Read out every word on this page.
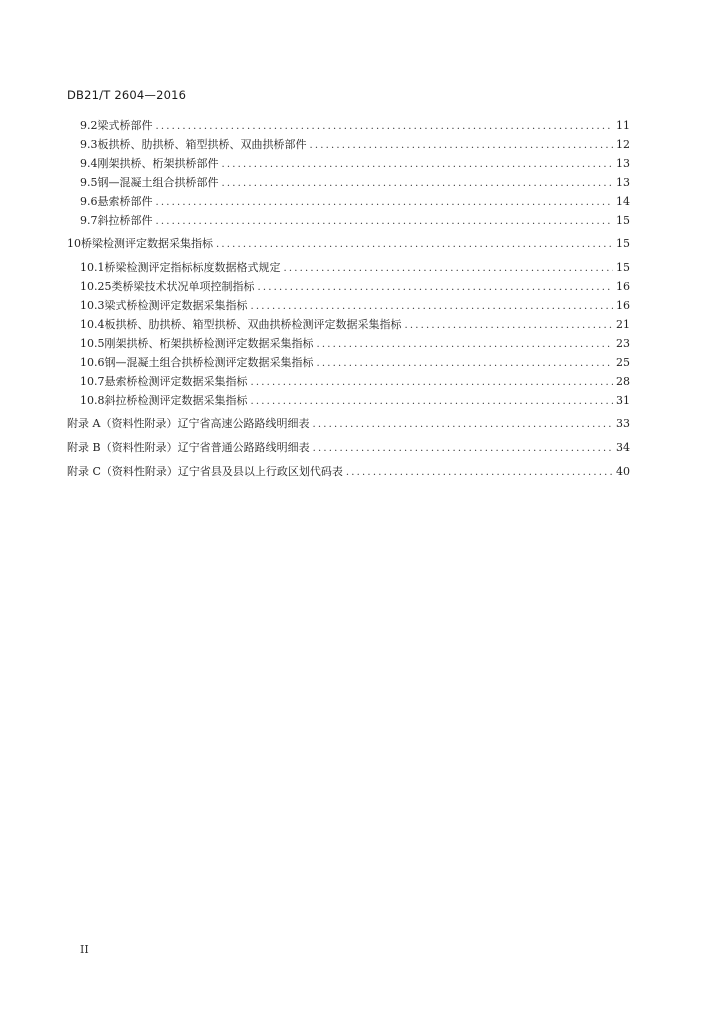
DB21/T 2604—2016
9.2 梁式桥部件 .....	11
9.3 板拱桥、肋拱桥、箱型拱桥、双曲拱桥部件 .....	12
9.4 刚架拱桥、桁架拱桥部件 .....	13
9.5 钢—混凝土组合拱桥部件 .....	13
9.6 悬索桥部件 .....	14
9.7 斜拉桥部件 .....	15
10 桥梁检测评定数据采集指标 .....	15
10.1 桥梁检测评定指标标度数据格式规定 .....	15
10.2 5类桥梁技术状况单项控制指标 .....	16
10.3 梁式桥检测评定数据采集指标 .....	16
10.4 板拱桥、肋拱桥、箱型拱桥、双曲拱桥检测评定数据采集指标 .....	21
10.5 刚架拱桥、桁架拱桥检测评定数据采集指标 .....	23
10.6 钢—混凝土组合拱桥检测评定数据采集指标 .....	25
10.7 悬索桥检测评定数据采集指标 .....	28
10.8 斜拉桥检测评定数据采集指标 .....	31
附录 A（资料性附录） 辽宁省高速公路路线明细表 .....	33
附录 B（资料性附录） 辽宁省普通公路路线明细表 .....	34
附录 C（资料性附录） 辽宁省县及县以上行政区划代码表 .....	40
II
